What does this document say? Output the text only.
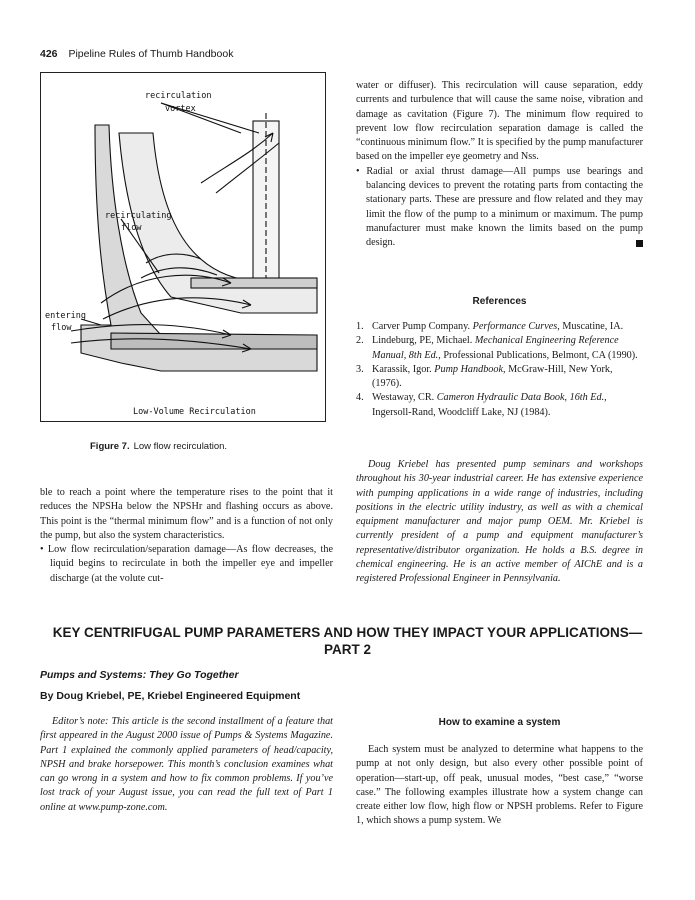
426 Pipeline Rules of Thumb Handbook
recirculation
vortex
recirculating
flow
entering
flow
Low-Volume Recirculation
Figure 7. Low flow recirculation.

water or diffuser). This recirculation will cause separation, eddy currents and turbulence that will cause the same noise, vibration and damage as cavitation (Figure 7). The minimum flow required to prevent low flow recirculation separation damage is called the “continuous minimum flow.” It is specified by the pump manufacturer based on the impeller eye geometry and Nss.

• Radial or axial thrust damage—All pumps use bearings and balancing devices to prevent the rotating parts from contacting the stationary parts. These are pressure and flow related and they may limit the flow of the pump to a minimum or maximum. The pump manufacturer must make known the limits based on the pump design.

References
1. Carver Pump Company. Performance Curves, Muscatine, IA.
2. Lindeburg, PE, Michael. Mechanical Engineering Reference Manual, 8th Ed., Professional Publications, Belmont, CA (1990).
3. Karassik, Igor. Pump Handbook, McGraw-Hill, New York, (1976).
4. Westaway, CR. Cameron Hydraulic Data Book, 16th Ed., Ingersoll-Rand, Woodcliff Lake, NJ (1984).

Doug Kriebel has presented pump seminars and workshops throughout his 30-year industrial career. He has extensive experience with pumping applications in a wide range of industries, including positions in the electric utility industry, as well as with a chemical equipment manufacturer and major pump OEM. Mr. Kriebel is currently president of a pump and equipment manufacturer’s representative/distributor organization. He holds a B.S. degree in chemical engineering. He is an active member of AIChE and is a registered Professional Engineer in Pennsylvania.

ble to reach a point where the temperature rises to the point that it reduces the NPSHa below the NPSHr and flashing occurs as above. This point is the “thermal minimum flow” and is a function of not only the pump, but also the system characteristics.

• Low flow recirculation/separation damage—As flow decreases, the liquid begins to recirculate in both the impeller eye and impeller discharge (at the volute cut-

KEY CENTRIFUGAL PUMP PARAMETERS AND HOW THEY IMPACT YOUR APPLICATIONS—PART 2
Pumps and Systems: They Go Together
By Doug Kriebel, PE, Kriebel Engineered Equipment

Editor’s note: This article is the second installment of a feature that first appeared in the August 2000 issue of Pumps & Systems Magazine. Part 1 explained the commonly applied parameters of head/capacity, NPSH and brake horsepower. This month’s conclusion examines what can go wrong in a system and how to fix common problems. If you’ve lost track of your August issue, you can read the full text of Part 1 online at www.pump-zone.com.

How to examine a system

Each system must be analyzed to determine what happens to the pump at not only design, but also every other possible point of operation—start-up, off peak, unusual modes, “best case,” “worse case.” The following examples illustrate how a system change can create either low flow, high flow or NPSH problems. Refer to Figure 1, which shows a pump system. We
